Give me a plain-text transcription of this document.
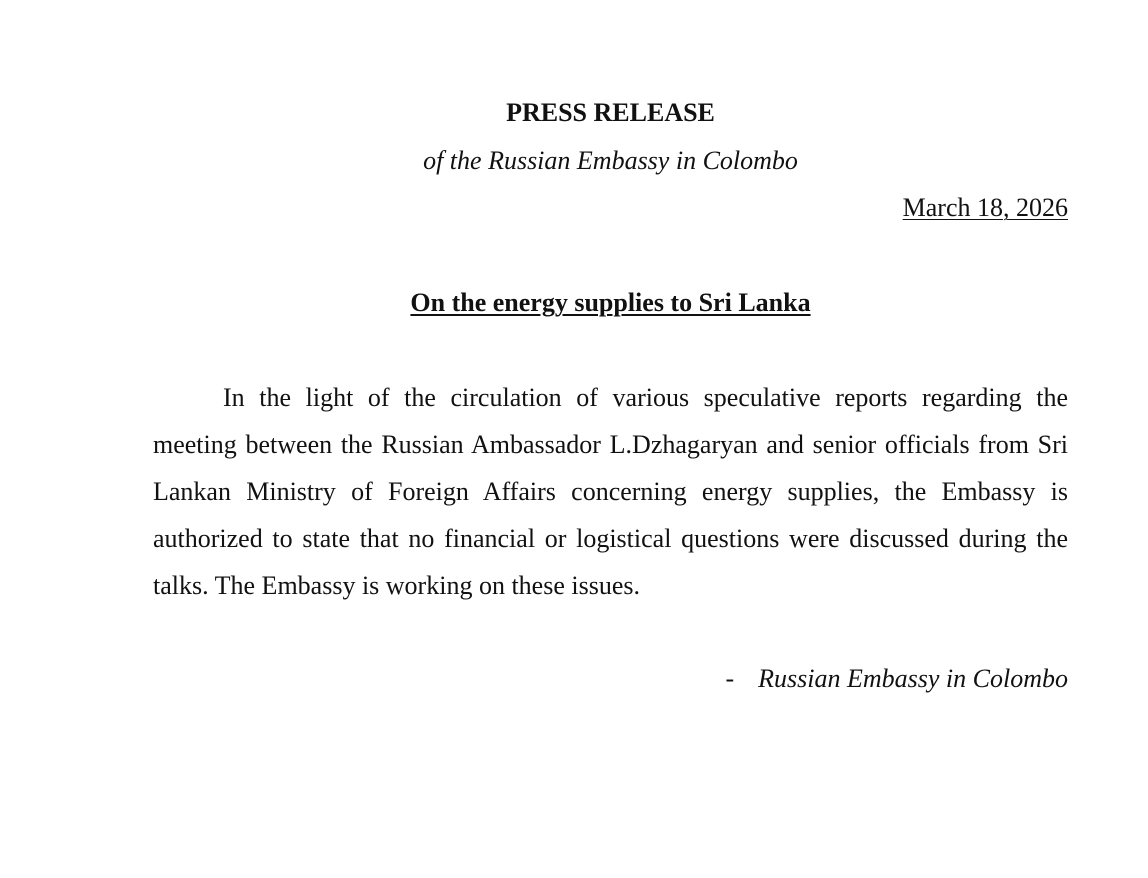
PRESS RELEASE
of the Russian Embassy in Colombo
March 18, 2026
On the energy supplies to Sri Lanka

In the light of the circulation of various speculative reports regarding the meeting between the Russian Ambassador L.Dzhagaryan and senior officials from Sri Lankan Ministry of Foreign Affairs concerning energy supplies, the Embassy is authorized to state that no financial or logistical questions were discussed during the talks. The Embassy is working on these issues.

- Russian Embassy in Colombo
